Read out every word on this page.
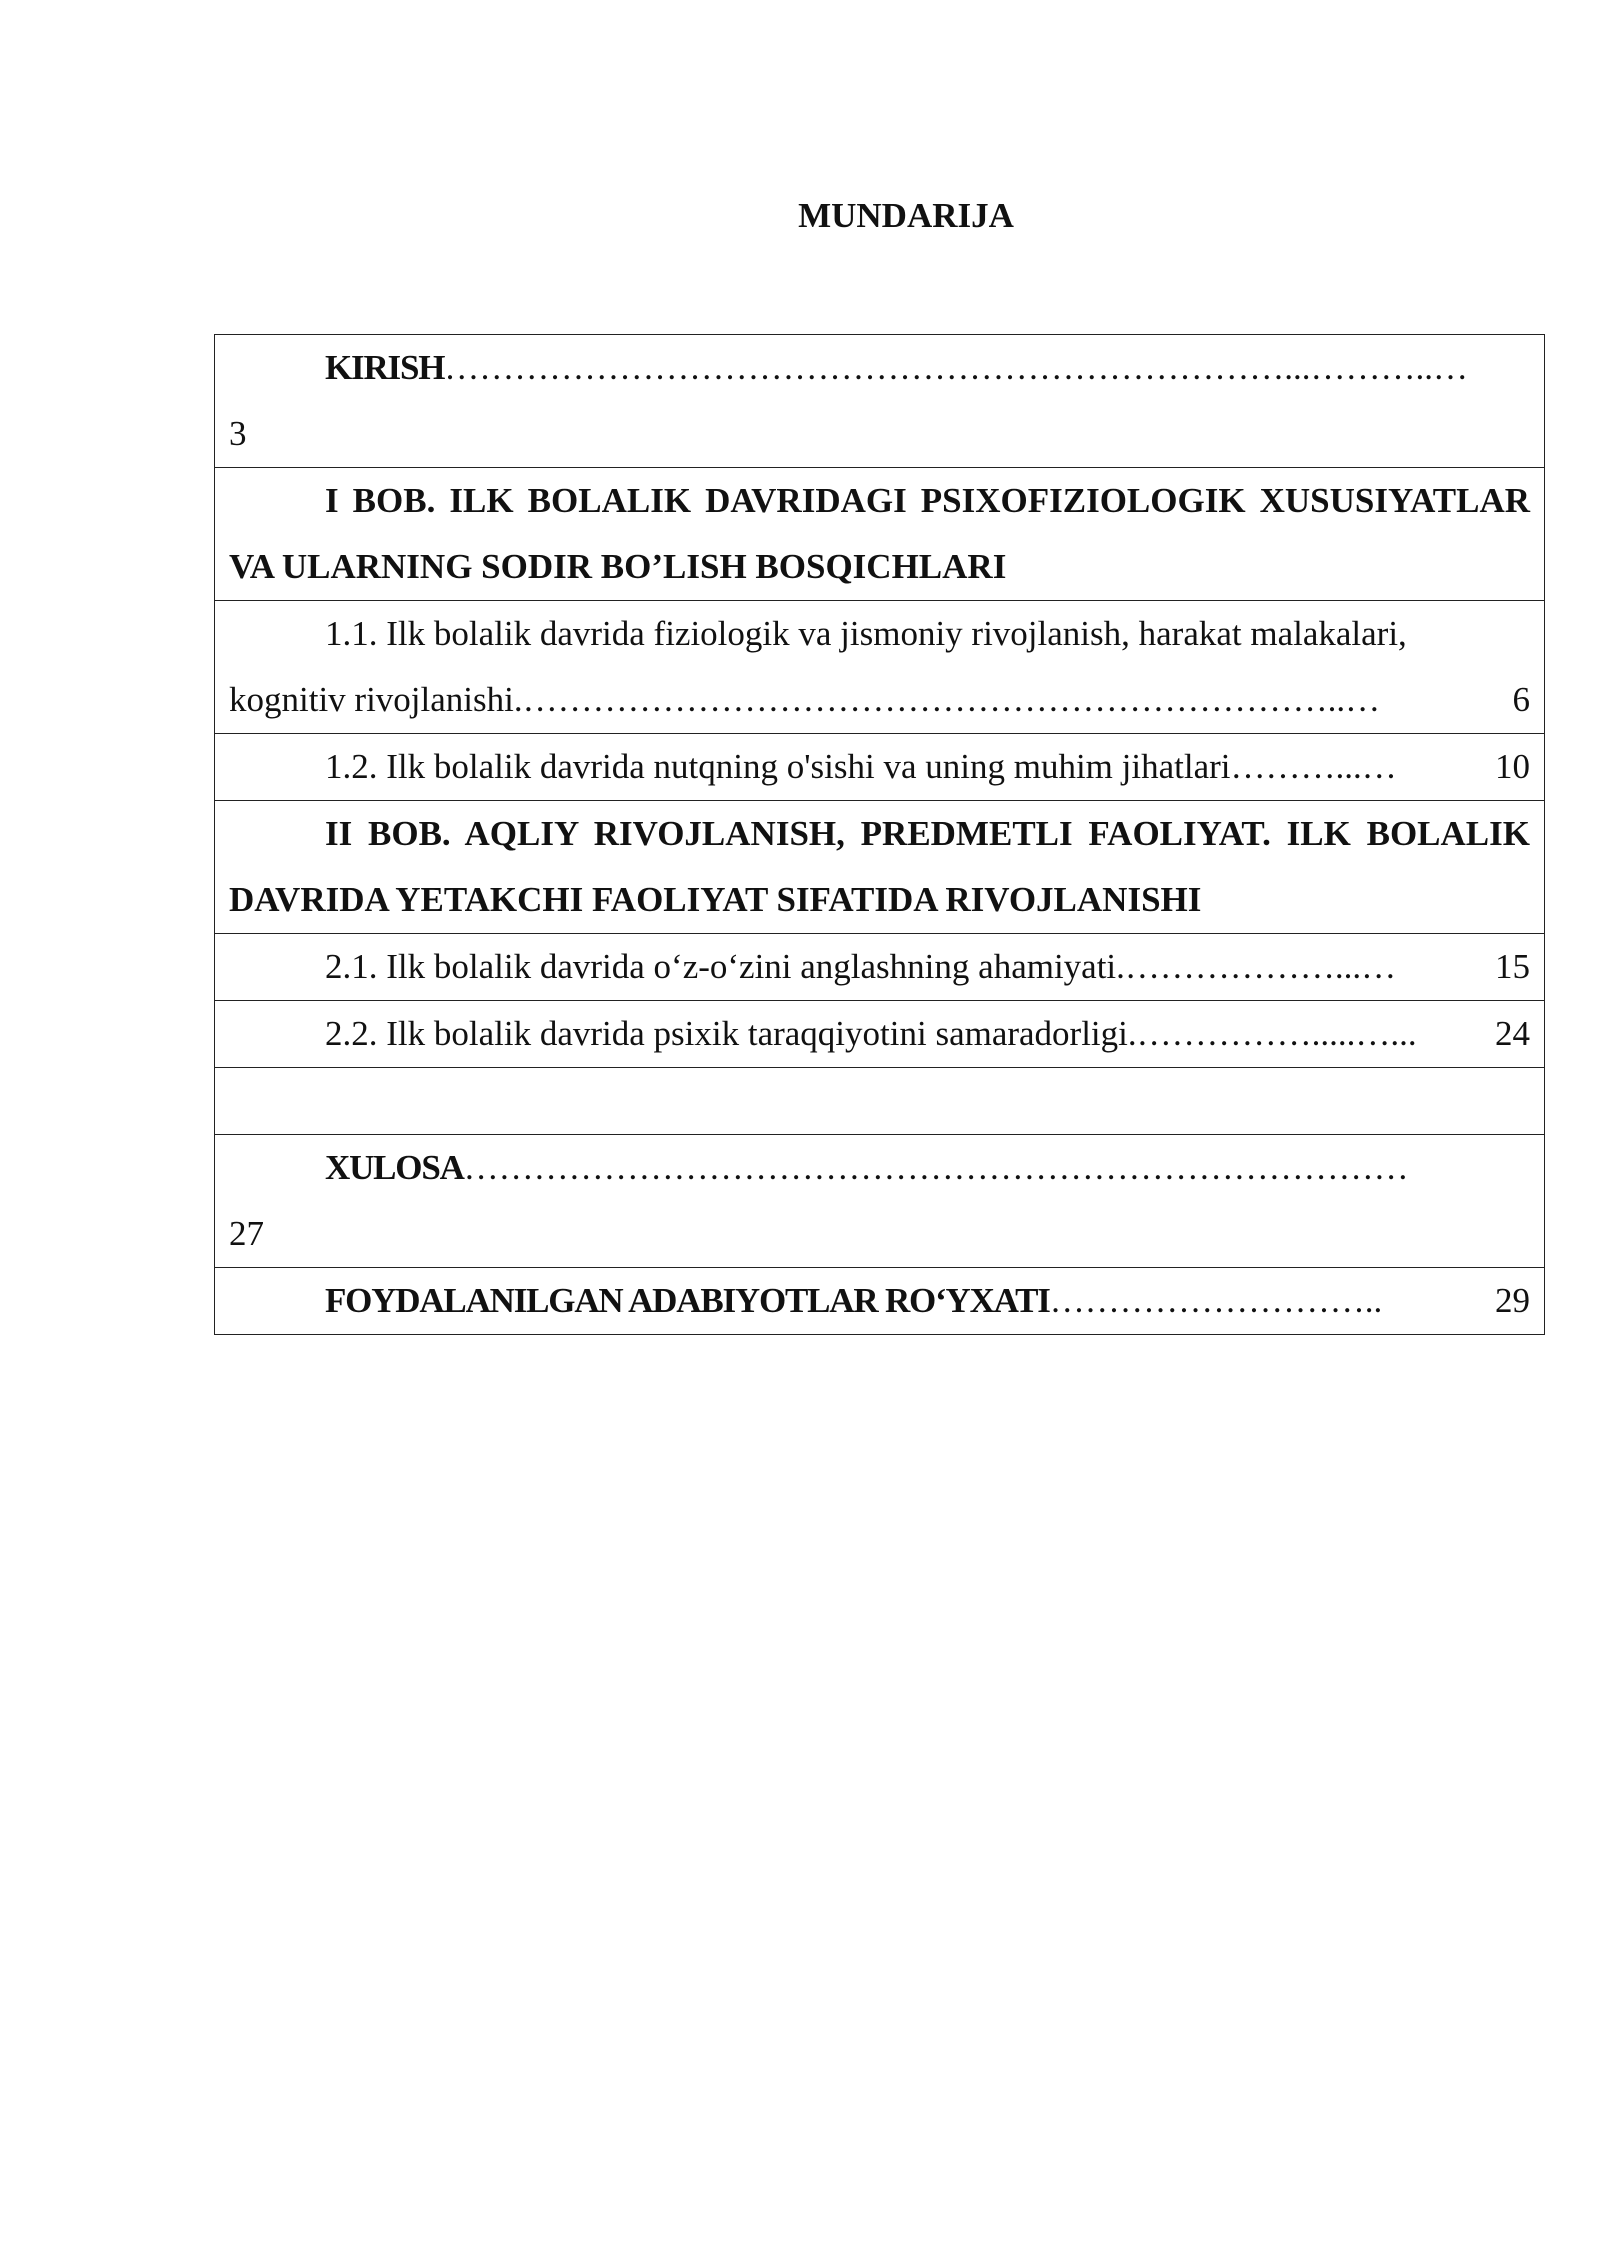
MUNDARIJA
KIRISH ………………………………………………………………...………..…
3

I BOB. ILK BOLALIK DAVRIDAGI PSIXOFIZIOLOGIK XUSUSIYATLAR VA ULARNING SODIR BO’LISH BOSQICHLARI

1.1. Ilk bolalik davrida fiziologik va jismoniy rivojlanish, harakat malakalari,
kognitiv rivojlanishi. ……………………………………………………………..…	6

1.2. Ilk bolalik davrida nutqning o'sishi va uning muhim jihatlari ………...…	10

II BOB. AQLIY RIVOJLANISH, PREDMETLI FAOLIYAT. ILK BOLALIK DAVRIDA YETAKCHI FAOLIYAT SIFATIDA RIVOJLANISHI

2.1. Ilk bolalik davrida o‘z-o‘zini anglashning ahamiyati. ………………...…	15

2.2. Ilk bolalik davrida psixik taraqqiyotini samaradorligi. …………….....…...	24

XULOSA ………………………………………………………………………
27

FOYDALANILGAN ADABIYOTLAR RO‘YXATI ………………………..	29
